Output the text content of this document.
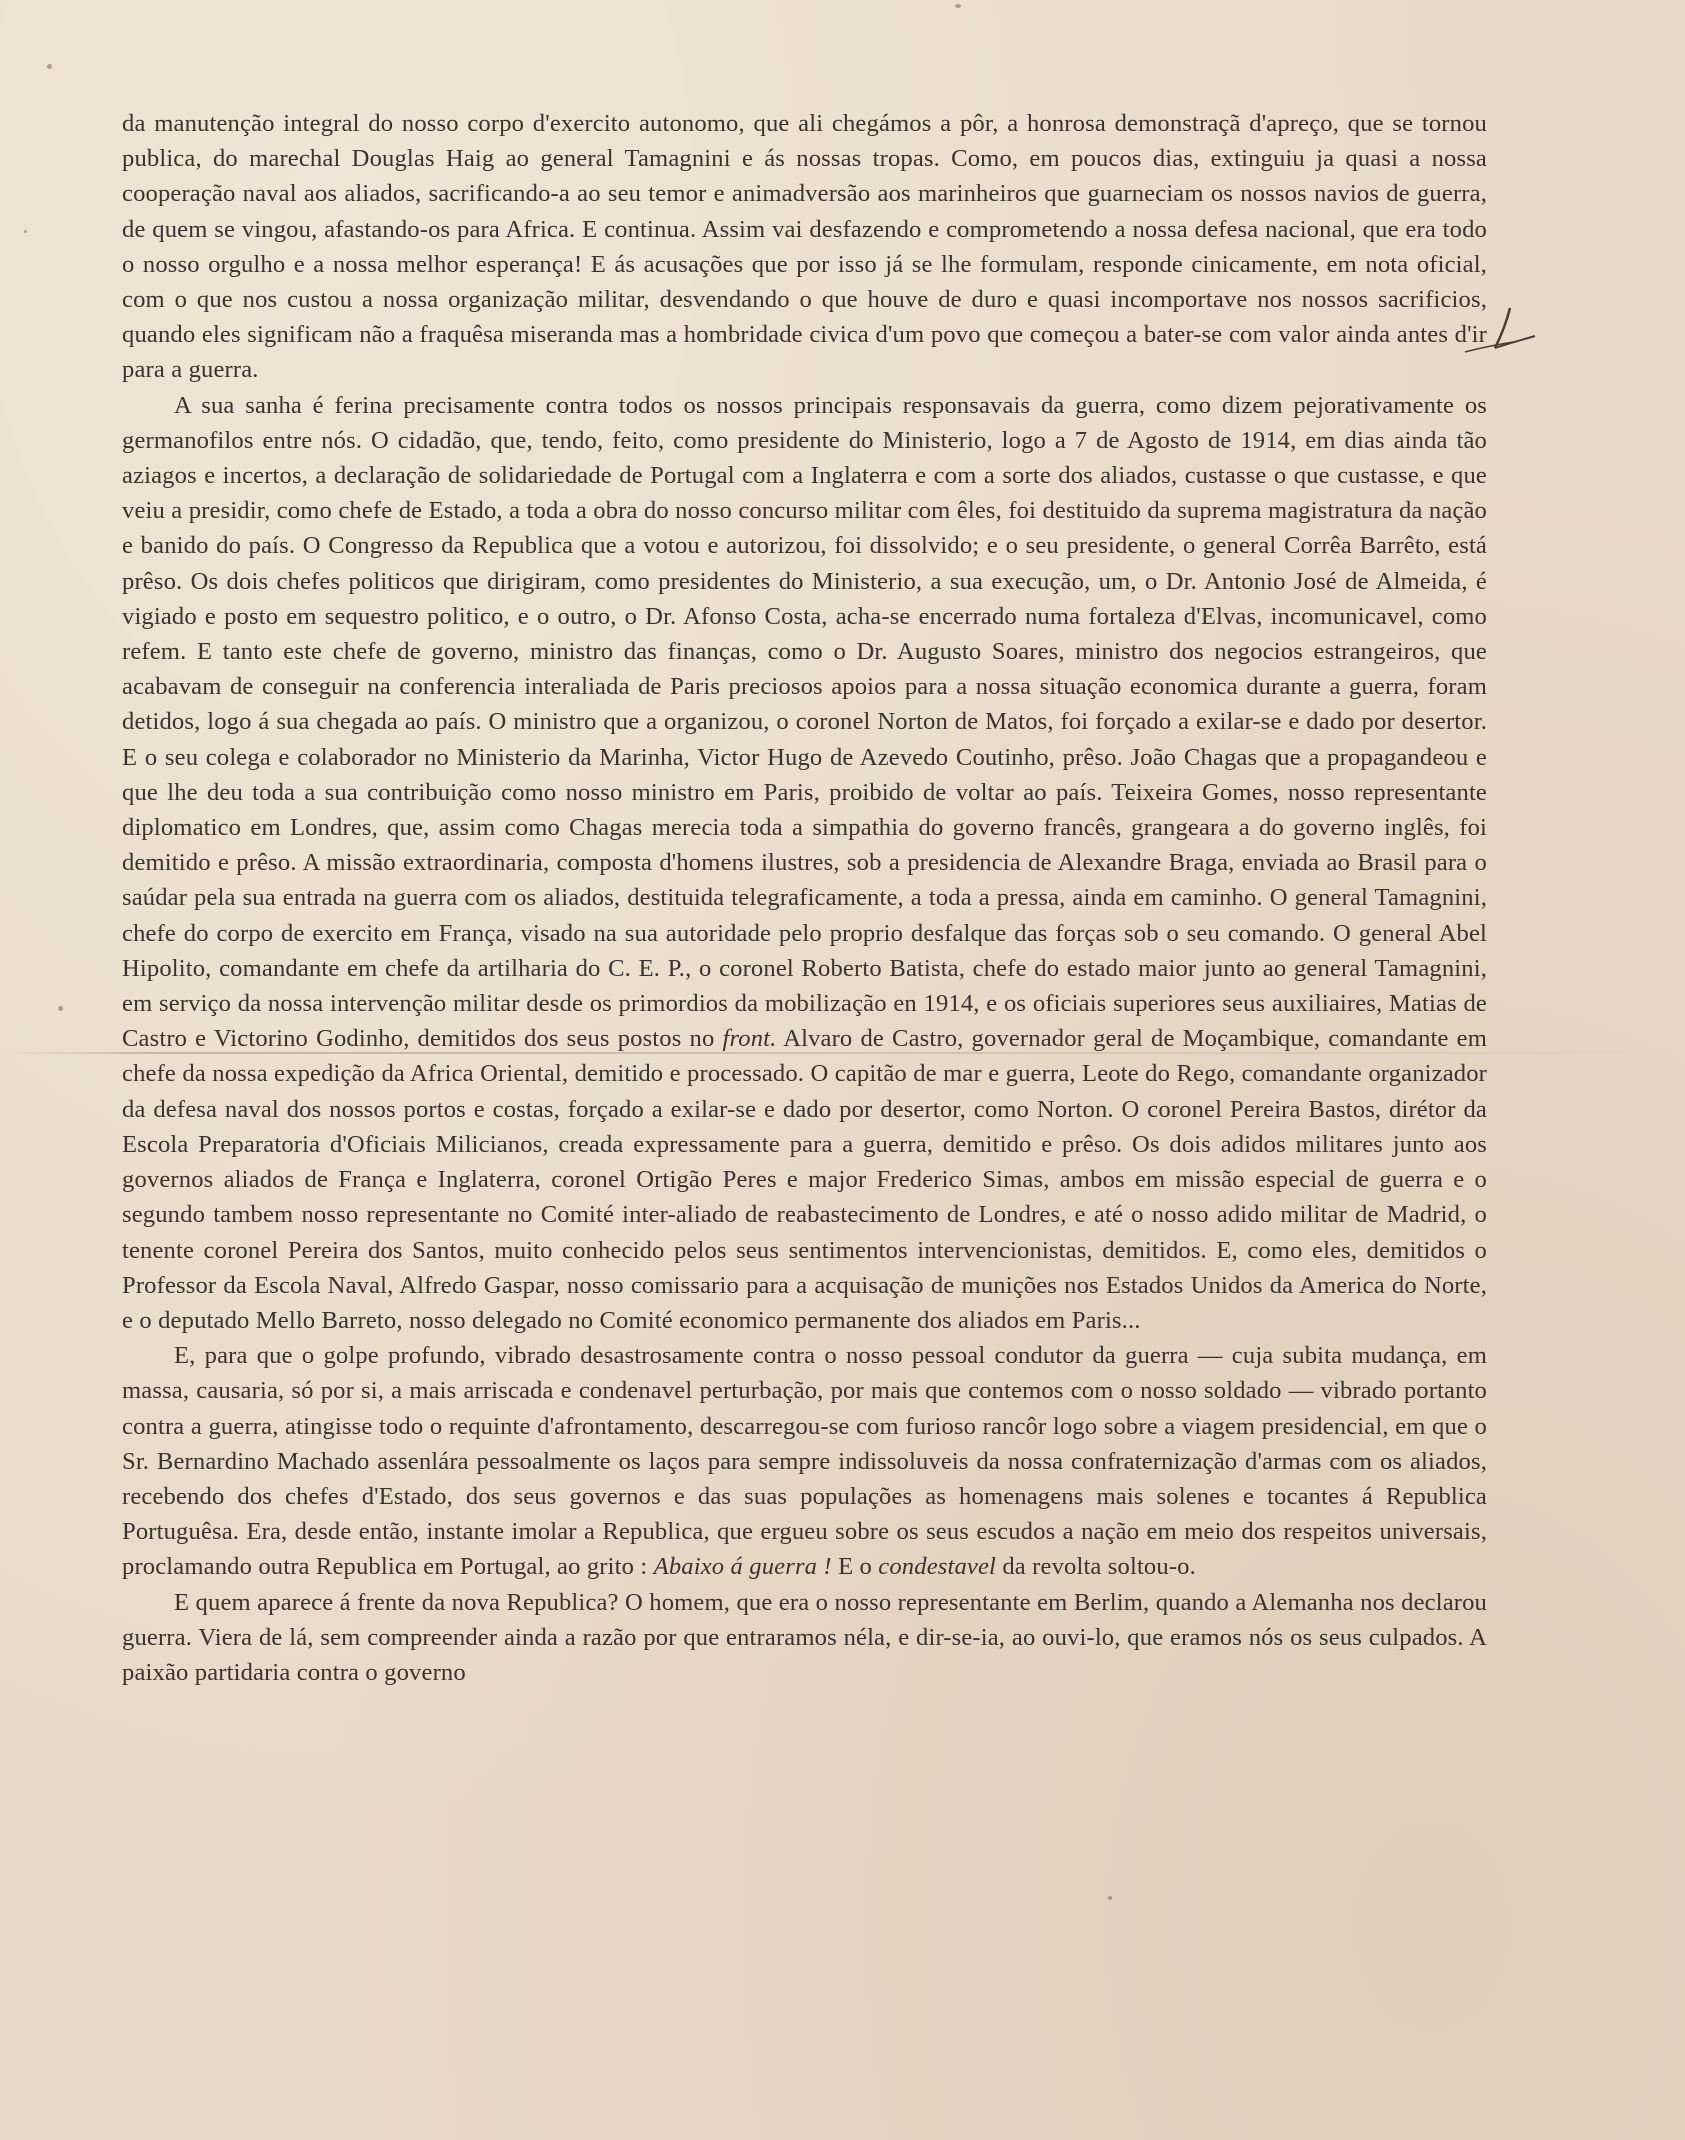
da manutenção integral do nosso corpo d'exercito autonomo, que ali chegámos a pôr, a honrosa demonstraçã d'apreço, que se tornou publica, do marechal Douglas Haig ao general Tamagnini e ás nossas tropas. Como, em poucos dias, extinguiu ja quasi a nossa cooperação naval aos aliados, sacrificando-a ao seu temor e animadversão aos marinheiros que guarneciam os nossos navios de guerra, de quem se vingou, afastando-os para Africa. E continua. Assim vai desfazendo e comprometendo a nossa defesa nacional, que era todo o nosso orgulho e a nossa melhor esperança! E ás acusações que por isso já se lhe formulam, responde cinicamente, em nota oficial, com o que nos custou a nossa organização militar, desvendando o que houve de duro e quasi incomportave nos nossos sacrificios, quando eles significam não a fraquêsa miseranda mas a hombridade civica d'um povo que começou a bater-se com valor ainda antes d'ir para a guerra.

A sua sanha é ferina precisamente contra todos os nossos principais responsavais da guerra, como dizem pejorativamente os germanofilos entre nós. O cidadão, que, tendo, feito, como presidente do Ministerio, logo a 7 de Agosto de 1914, em dias ainda tão aziagos e incertos, a declaração de solidariedade de Portugal com a Inglaterra e com a sorte dos aliados, custasse o que custasse, e que veiu a presidir, como chefe de Estado, a toda a obra do nosso concurso militar com êles, foi destituido da suprema magistratura da nação e banido do país. O Congresso da Republica que a votou e autorizou, foi dissolvido; e o seu presidente, o general Corrêa Barrêto, está prêso. Os dois chefes politicos que dirigiram, como presidentes do Ministerio, a sua execução, um, o Dr. Antonio José de Almeida, é vigiado e posto em sequestro politico, e o outro, o Dr. Afonso Costa, acha-se encerrado numa fortaleza d'Elvas, incomunicavel, como refem. E tanto este chefe de governo, ministro das finanças, como o Dr. Augusto Soares, ministro dos negocios estrangeiros, que acabavam de conseguir na conferencia interaliada de Paris preciosos apoios para a nossa situação economica durante a guerra, foram detidos, logo á sua chegada ao país. O ministro que a organizou, o coronel Norton de Matos, foi forçado a exilar-se e dado por desertor. E o seu colega e colaborador no Ministerio da Marinha, Victor Hugo de Azevedo Coutinho, prêso. João Chagas que a propagandeou e que lhe deu toda a sua contribuição como nosso ministro em Paris, proibido de voltar ao país. Teixeira Gomes, nosso representante diplomatico em Londres, que, assim como Chagas merecia toda a simpathia do governo francês, grangeara a do governo inglês, foi demitido e prêso. A missão extraordinaria, composta d'homens ilustres, sob a presidencia de Alexandre Braga, enviada ao Brasil para o saúdar pela sua entrada na guerra com os aliados, destituida telegraficamente, a toda a pressa, ainda em caminho. O general Tamagnini, chefe do corpo de exercito em França, visado na sua autoridade pelo proprio desfalque das forças sob o seu comando. O general Abel Hipolito, comandante em chefe da artilharia do C. E. P., o coronel Roberto Batista, chefe do estado maior junto ao general Tamagnini, em serviço da nossa intervenção militar desde os primordios da mobilização en 1914, e os oficiais superiores seus auxiliaires, Matias de Castro e Victorino Godinho, demitidos dos seus postos no front. Alvaro de Castro, governador geral de Moçambique, comandante em chefe da nossa expedição da Africa Oriental, demitido e processado. O capitão de mar e guerra, Leote do Rego, comandante organizador da defesa naval dos nossos portos e costas, forçado a exilar-se e dado por desertor, como Norton. O coronel Pereira Bastos, dirétor da Escola Preparatoria d'Oficiais Milicianos, creada expressamente para a guerra, demitido e prêso. Os dois adidos militares junto aos governos aliados de França e Inglaterra, coronel Ortigão Peres e major Frederico Simas, ambos em missão especial de guerra e o segundo tambem nosso representante no Comité inter-aliado de reabastecimento de Londres, e até o nosso adido militar de Madrid, o tenente coronel Pereira dos Santos, muito conhecido pelos seus sentimentos intervencionistas, demitidos. E, como eles, demitidos o Professor da Escola Naval, Alfredo Gaspar, nosso comissario para a acquisação de munições nos Estados Unidos da America do Norte, e o deputado Mello Barreto, nosso delegado no Comité economico permanente dos aliados em Paris...

E, para que o golpe profundo, vibrado desastrosamente contra o nosso pessoal condutor da guerra — cuja subita mudança, em massa, causaria, só por si, a mais arriscada e condenavel perturbação, por mais que contemos com o nosso soldado — vibrado portanto contra a guerra, atingisse todo o requinte d'afrontamento, descarregou-se com furioso rancôr logo sobre a viagem presidencial, em que o Sr. Bernardino Machado assenlára pessoalmente os laços para sempre indissoluveis da nossa confraternização d'armas com os aliados, recebendo dos chefes d'Estado, dos seus governos e das suas populações as homenagens mais solenes e tocantes á Republica Portuguêsa. Era, desde então, instante imolar a Republica, que ergueu sobre os seus escudos a nação em meio dos respeitos universais, proclamando outra Republica em Portugal, ao grito : Abaixo á guerra ! E o condestavel da revolta soltou-o.

E quem aparece á frente da nova Republica? O homem, que era o nosso representante em Berlim, quando a Alemanha nos declarou guerra. Viera de lá, sem compreender ainda a razão por que entraramos néla, e dir-se-ia, ao ouvi-lo, que eramos nós os seus culpados. A paixão partidaria contra o governo
